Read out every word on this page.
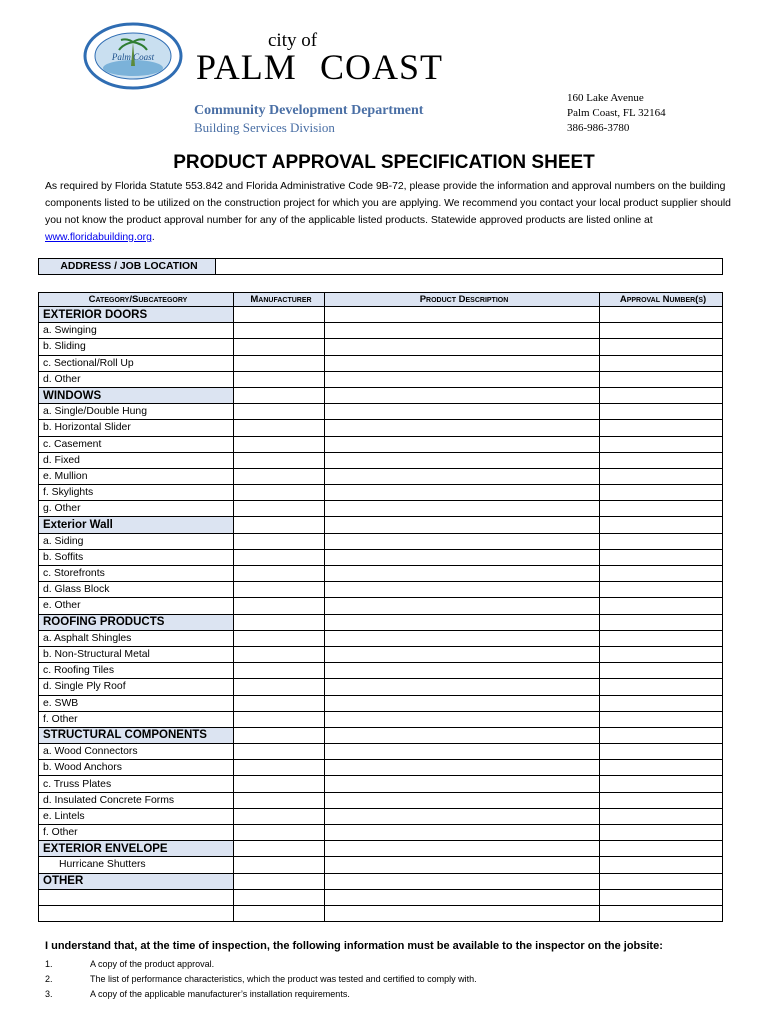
Palm Coast
city of
PALM COAST
Community Development Department
Building Services Division
160 Lake Avenue
Palm Coast, FL 32164
386-986-3780
PRODUCT APPROVAL SPECIFICATION SHEET
As required by Florida Statute 553.842 and Florida Administrative Code 9B-72, please provide the information and approval numbers on the building components listed to be utilized on the construction project for which you are applying. We recommend you contact your local product supplier should you not know the product approval number for any of the applicable listed products. Statewide approved products are listed online at www.floridabuilding.org.
ADDRESS / JOB LOCATION	
Category/Subcategory	Manufacturer	Product Description	Approval Number(s)
EXTERIOR DOORS			
a. Swinging			
b. Sliding			
c. Sectional/Roll Up			
d. Other			
WINDOWS			
a. Single/Double Hung			
b. Horizontal Slider			
c. Casement			
d. Fixed			
e. Mullion			
f. Skylights			
g. Other			
Exterior Wall			
a. Siding			
b. Soffits			
c. Storefronts			
d. Glass Block			
e. Other			
ROOFING PRODUCTS			
a. Asphalt Shingles			
b. Non-Structural Metal			
c. Roofing Tiles			
d. Single Ply Roof			
e. SWB			
f. Other			
STRUCTURAL COMPONENTS			
a. Wood Connectors			
b. Wood Anchors			
c. Truss Plates			
d. Insulated Concrete Forms			
e. Lintels			
f. Other			
EXTERIOR ENVELOPE			
Hurricane Shutters			
OTHER			

I understand that, at the time of inspection, the following information must be available to the inspector on the jobsite:
1.	A copy of the product approval.
2.	The list of performance characteristics, which the product was tested and certified to comply with.
3.	A copy of the applicable manufacturer’s installation requirements.
